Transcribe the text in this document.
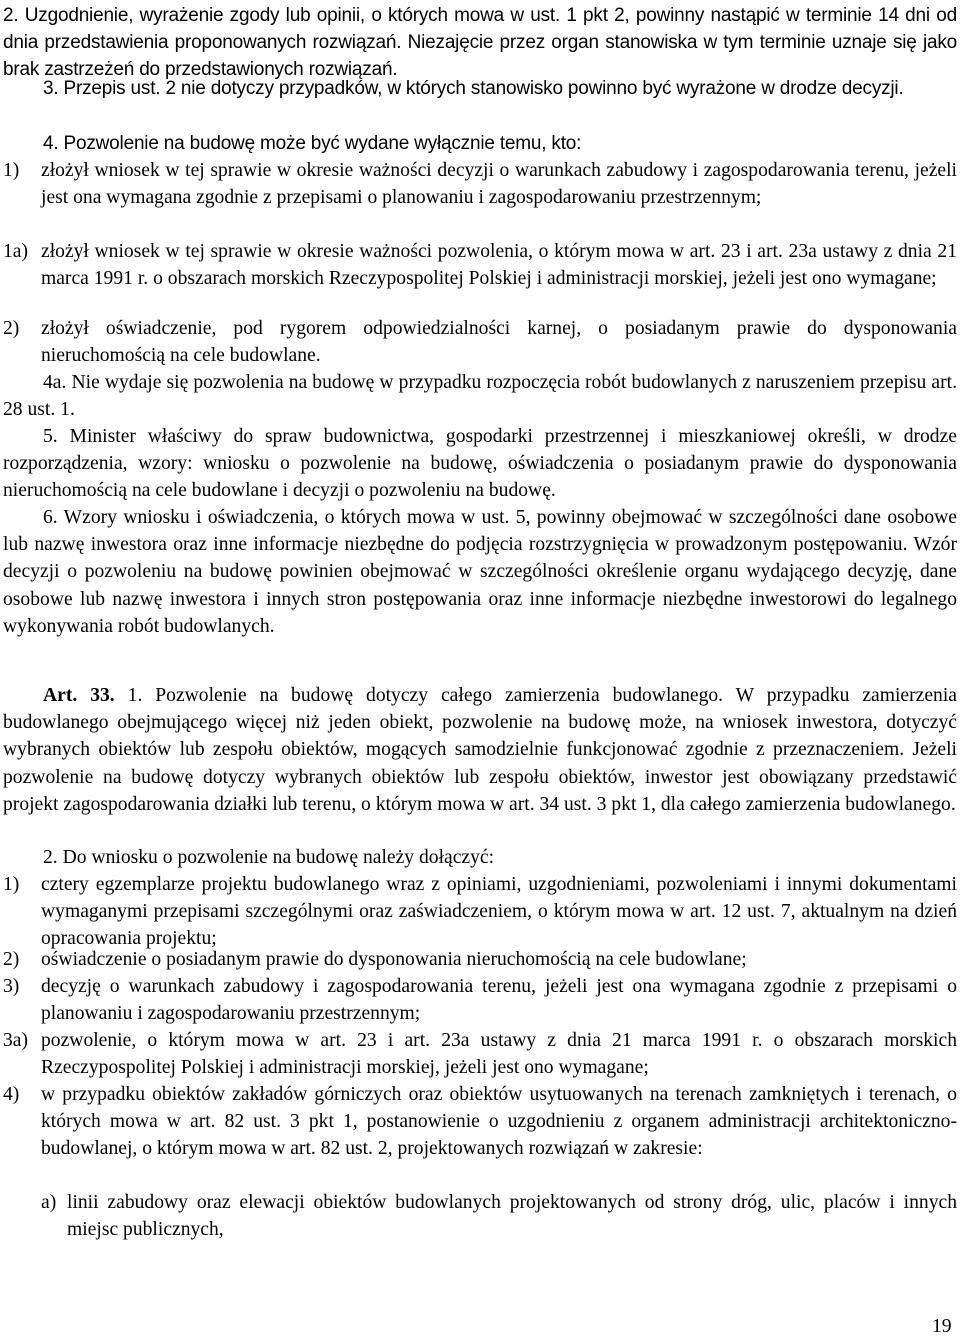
2. Uzgodnienie, wyrażenie zgody lub opinii, o których mowa w ust. 1 pkt 2, powinny nastąpić w terminie 14 dni od dnia przedstawienia proponowanych rozwiązań. Niezajęcie przez organ stanowiska w tym terminie uznaje się jako brak zastrzeżeń do przedstawionych rozwiązań.

3. Przepis ust. 2 nie dotyczy przypadków, w których stanowisko powinno być wyrażone w drodze decyzji.

4. Pozwolenie na budowę może być wydane wyłącznie temu, kto:

1) złożył wniosek w tej sprawie w okresie ważności decyzji o warunkach zabudowy i zagospodarowania terenu, jeżeli jest ona wymagana zgodnie z przepisami o planowaniu i zagospodarowaniu przestrzennym;
1a) złożył wniosek w tej sprawie w okresie ważności pozwolenia, o którym mowa w art. 23 i art. 23a ustawy z dnia 21 marca 1991 r. o obszarach morskich Rzeczypospolitej Polskiej i administracji morskiej, jeżeli jest ono wymagane;
2) złożył oświadczenie, pod rygorem odpowiedzialności karnej, o posiadanym prawie do dysponowania nieruchomością na cele budowlane.

4a. Nie wydaje się pozwolenia na budowę w przypadku rozpoczęcia robót budowlanych z naruszeniem przepisu art. 28 ust. 1.

5. Minister właściwy do spraw budownictwa, gospodarki przestrzennej i mieszkaniowej określi, w drodze rozporządzenia, wzory: wniosku o pozwolenie na budowę, oświadczenia o posiadanym prawie do dysponowania nieruchomością na cele budowlane i decyzji o pozwoleniu na budowę.

6. Wzory wniosku i oświadczenia, o których mowa w ust. 5, powinny obejmować w szczególności dane osobowe lub nazwę inwestora oraz inne informacje niezbędne do podjęcia rozstrzygnięcia w prowadzonym postępowaniu. Wzór decyzji o pozwoleniu na budowę powinien obejmować w szczególności określenie organu wydającego decyzję, dane osobowe lub nazwę inwestora i innych stron postępowania oraz inne informacje niezbędne inwestorowi do legalnego wykonywania robót budowlanych.

Art. 33. 1. Pozwolenie na budowę dotyczy całego zamierzenia budowlanego. W przypadku zamierzenia budowlanego obejmującego więcej niż jeden obiekt, pozwolenie na budowę może, na wniosek inwestora, dotyczyć wybranych obiektów lub zespołu obiektów, mogących samodzielnie funkcjonować zgodnie z przeznaczeniem. Jeżeli pozwolenie na budowę dotyczy wybranych obiektów lub zespołu obiektów, inwestor jest obowiązany przedstawić projekt zagospodarowania działki lub terenu, o którym mowa w art. 34 ust. 3 pkt 1, dla całego zamierzenia budowlanego.

2. Do wniosku o pozwolenie na budowę należy dołączyć:

1) cztery egzemplarze projektu budowlanego wraz z opiniami, uzgodnieniami, pozwoleniami i innymi dokumentami wymaganymi przepisami szczególnymi oraz zaświadczeniem, o którym mowa w art. 12 ust. 7, aktualnym na dzień opracowania projektu;
2) oświadczenie o posiadanym prawie do dysponowania nieruchomością na cele budowlane;
3) decyzję o warunkach zabudowy i zagospodarowania terenu, jeżeli jest ona wymagana zgodnie z przepisami o planowaniu i zagospodarowaniu przestrzennym;
3a) pozwolenie, o którym mowa w art. 23 i art. 23a ustawy z dnia 21 marca 1991 r. o obszarach morskich Rzeczypospolitej Polskiej i administracji morskiej, jeżeli jest ono wymagane;
4) w przypadku obiektów zakładów górniczych oraz obiektów usytuowanych na terenach zamkniętych i terenach, o których mowa w art. 82 ust. 3 pkt 1, postanowienie o uzgodnieniu z organem administracji architektoniczno-budowlanej, o którym mowa w art. 82 ust. 2, projektowanych rozwiązań w zakresie:
a) linii zabudowy oraz elewacji obiektów budowlanych projektowanych od strony dróg, ulic, placów i innych miejsc publicznych,
19
